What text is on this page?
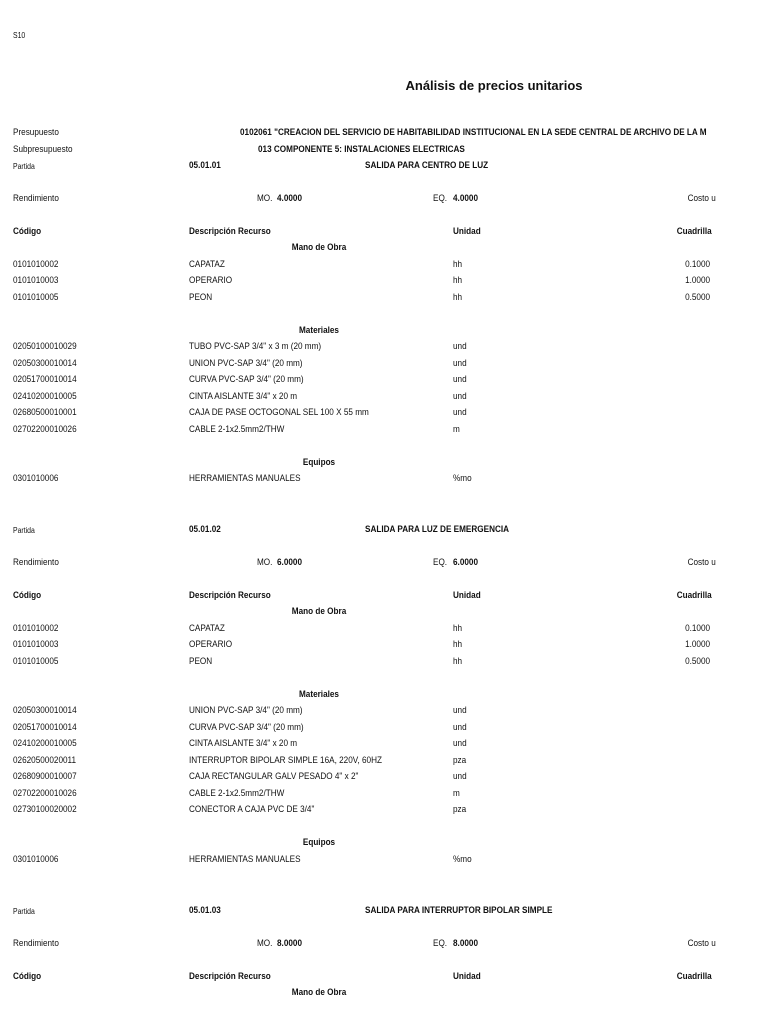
S10
Análisis de precios unitarios
Presupuesto	0102061 "CREACION DEL SERVICIO DE HABITABILIDAD INSTITUCIONAL EN LA SEDE CENTRAL DE ARCHIVO DE LA M
Subpresupuesto	013 COMPONENTE 5: INSTALACIONES ELECTRICAS
Partida	05.01.01	SALIDA PARA CENTRO DE LUZ
Rendimiento	MO. 4.0000	EQ. 4.0000	Costo u
Código	Descripción Recurso	Unidad	Cuadrilla
Mano de Obra
0101010002	CAPATAZ	hh	0.1000
0101010003	OPERARIO	hh	1.0000
0101010005	PEON	hh	0.5000
Materiales
02050100010029	TUBO PVC-SAP 3/4" x 3 m (20 mm)	und
02050300010014	UNION PVC-SAP 3/4" (20 mm)	und
02051700010014	CURVA PVC-SAP 3/4" (20 mm)	und
02410200010005	CINTA AISLANTE 3/4" x 20 m	und
02680500010001	CAJA DE PASE OCTOGONAL SEL 100 X 55 mm	und
02702200010026	CABLE 2-1x2.5mm2/THW	m
Equipos
0301010006	HERRAMIENTAS MANUALES	%mo
Partida	05.01.02	SALIDA PARA LUZ DE EMERGENCIA
Rendimiento	MO. 6.0000	EQ. 6.0000	Costo u
Código	Descripción Recurso	Unidad	Cuadrilla
Mano de Obra
0101010002	CAPATAZ	hh	0.1000
0101010003	OPERARIO	hh	1.0000
0101010005	PEON	hh	0.5000
Materiales
02050300010014	UNION PVC-SAP 3/4" (20 mm)	und
02051700010014	CURVA PVC-SAP 3/4" (20 mm)	und
02410200010005	CINTA AISLANTE 3/4" x 20 m	und
02620500020011	INTERRUPTOR BIPOLAR SIMPLE 16A, 220V, 60HZ	pza
02680900010007	CAJA RECTANGULAR GALV PESADO 4" x 2"	und
02702200010026	CABLE 2-1x2.5mm2/THW	m
02730100020002	CONECTOR A CAJA PVC DE 3/4"	pza
Equipos
0301010006	HERRAMIENTAS MANUALES	%mo
Partida	05.01.03	SALIDA PARA INTERRUPTOR BIPOLAR SIMPLE
Rendimiento	MO. 8.0000	EQ. 8.0000	Costo u
Código	Descripción Recurso	Unidad	Cuadrilla
Mano de Obra
